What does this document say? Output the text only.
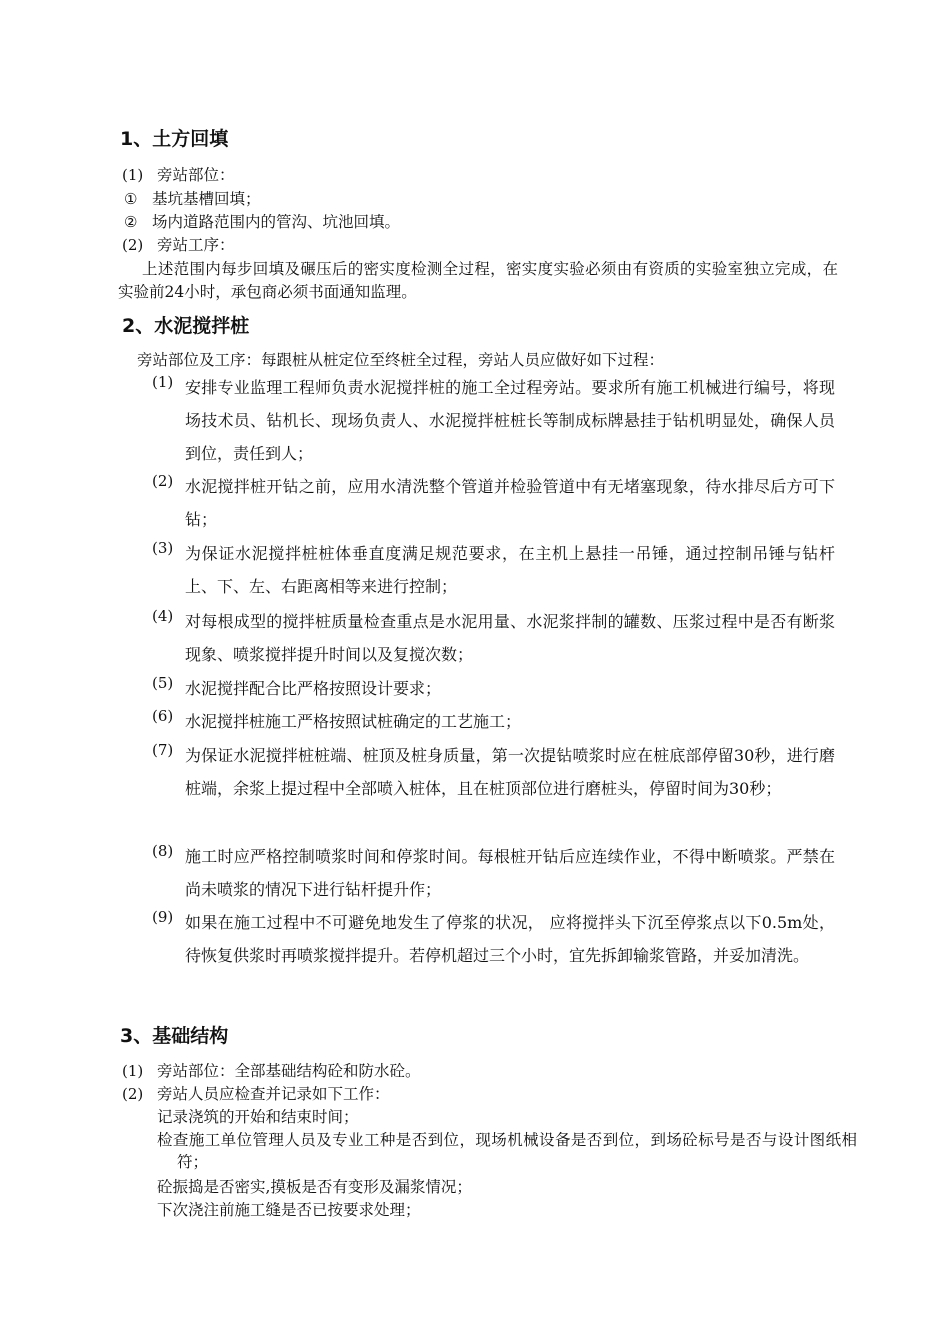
1、土方回填
(1) 旁站部位：
① 基坑基槽回填；
② 场内道路范围内的管沟、坑池回填。
(2) 旁站工序：
上述范围内每步回填及碾压后的密实度检测全过程，密实度实验必须由有资质的实验室独立完成，在实验前24小时，承包商必须书面通知监理。
2、水泥搅拌桩
旁站部位及工序：每跟桩从桩定位至终桩全过程，旁站人员应做好如下过程：
(1) 安排专业监理工程师负责水泥搅拌桩的施工全过程旁站。要求所有施工机械进行编号，将现场技术员、钻机长、现场负责人、水泥搅拌桩桩长等制成标牌悬挂于钻机明显处，确保人员到位，责任到人；
(2) 水泥搅拌桩开钻之前，应用水清洗整个管道并检验管道中有无堵塞现象，待水排尽后方可下钻；
(3) 为保证水泥搅拌桩桩体垂直度满足规范要求，在主机上悬挂一吊锤，通过控制吊锤与钻杆上、下、左、右距离相等来进行控制；
(4) 对每根成型的搅拌桩质量检查重点是水泥用量、水泥浆拌制的罐数、压浆过程中是否有断浆现象、喷浆搅拌提升时间以及复搅次数；
(5) 水泥搅拌配合比严格按照设计要求；
(6) 水泥搅拌桩施工严格按照试桩确定的工艺施工；
(7) 为保证水泥搅拌桩桩端、桩顶及桩身质量，第一次提钻喷浆时应在桩底部停留30秒，进行磨桩端，余浆上提过程中全部喷入桩体，且在桩顶部位进行磨桩头，停留时间为30秒；
(8) 施工时应严格控制喷浆时间和停浆时间。每根桩开钻后应连续作业，不得中断喷浆。严禁在尚未喷浆的情况下进行钻杆提升作；
(9) 如果在施工过程中不可避免地发生了停浆的状况， 应将搅拌头下沉至停浆点以下0.5m处，待恢复供浆时再喷浆搅拌提升。若停机超过三个小时，宜先拆卸输浆管路，并妥加清洗。
3、基础结构
(1) 旁站部位：全部基础结构砼和防水砼。
(2) 旁站人员应检查并记录如下工作：
记录浇筑的开始和结束时间；
检查施工单位管理人员及专业工种是否到位，现场机械设备是否到位，到场砼标号是否与设计图纸相符；
砼振捣是否密实,摸板是否有变形及漏浆情况；
下次浇注前施工缝是否已按要求处理；
